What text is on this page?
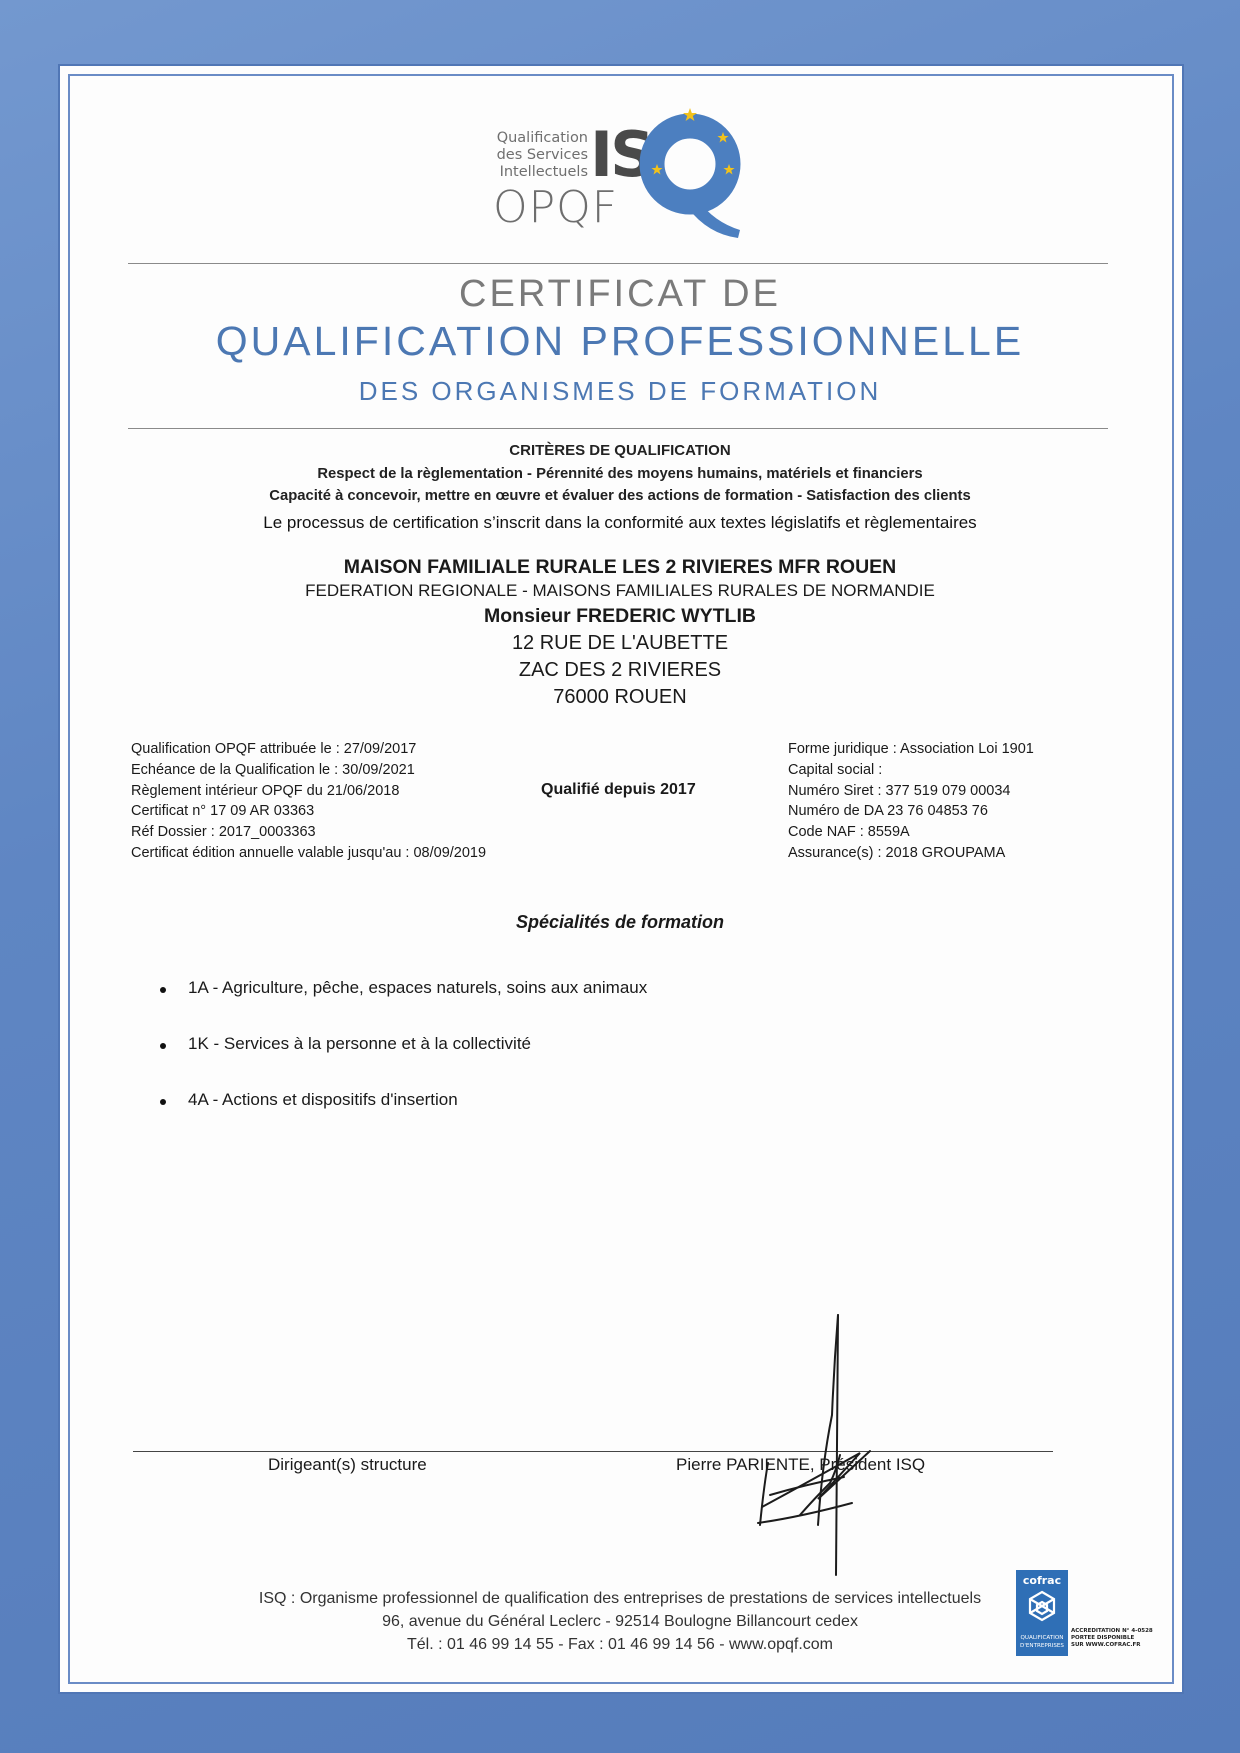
Qualification
des Services
Intellectuels IS
OPQF
CERTIFICAT DE
QUALIFICATION PROFESSIONNELLE
DES ORGANISMES DE FORMATION
CRITÈRES DE QUALIFICATION
Respect de la règlementation - Pérennité des moyens humains, matériels et financiers
Capacité à concevoir, mettre en œuvre et évaluer des actions de formation - Satisfaction des clients
Le processus de certification s’inscrit dans la conformité aux textes législatifs et règlementaires
MAISON FAMILIALE RURALE LES 2 RIVIERES MFR ROUEN
FEDERATION REGIONALE - MAISONS FAMILIALES RURALES DE NORMANDIE
Monsieur FREDERIC WYTLIB
12 RUE DE L'AUBETTE
ZAC DES 2 RIVIERES
76000 ROUEN
Qualification OPQF attribuée le : 27/09/2017
Echéance de la Qualification le : 30/09/2021
Règlement intérieur OPQF du 21/06/2018
Certificat n° 17 09 AR 03363
Réf Dossier : 2017_0003363
Certificat édition annuelle valable jusqu'au : 08/09/2019
Qualifié depuis 2017
Forme juridique : Association Loi 1901
Capital social :
Numéro Siret : 377 519 079 00034
Numéro de DA 23 76 04853 76
Code NAF : 8559A
Assurance(s) : 2018 GROUPAMA
Spécialités de formation
1A - Agriculture, pêche, espaces naturels, soins aux animaux
1K - Services à la personne et à la collectivité
4A - Actions et dispositifs d'insertion
Dirigeant(s) structure	Pierre PARIENTE, Président ISQ
ISQ : Organisme professionnel de qualification des entreprises de prestations de services intellectuels
96, avenue du Général Leclerc - 92514 Boulogne Billancourt cedex
Tél. : 01 46 99 14 55 - Fax : 01 46 99 14 56 - www.opqf.com
cofrac
QUALIFICATION
D'ENTREPRISES
ACCREDITATION N° 4-0528
PORTEE DISPONIBLE
SUR WWW.COFRAC.FR
